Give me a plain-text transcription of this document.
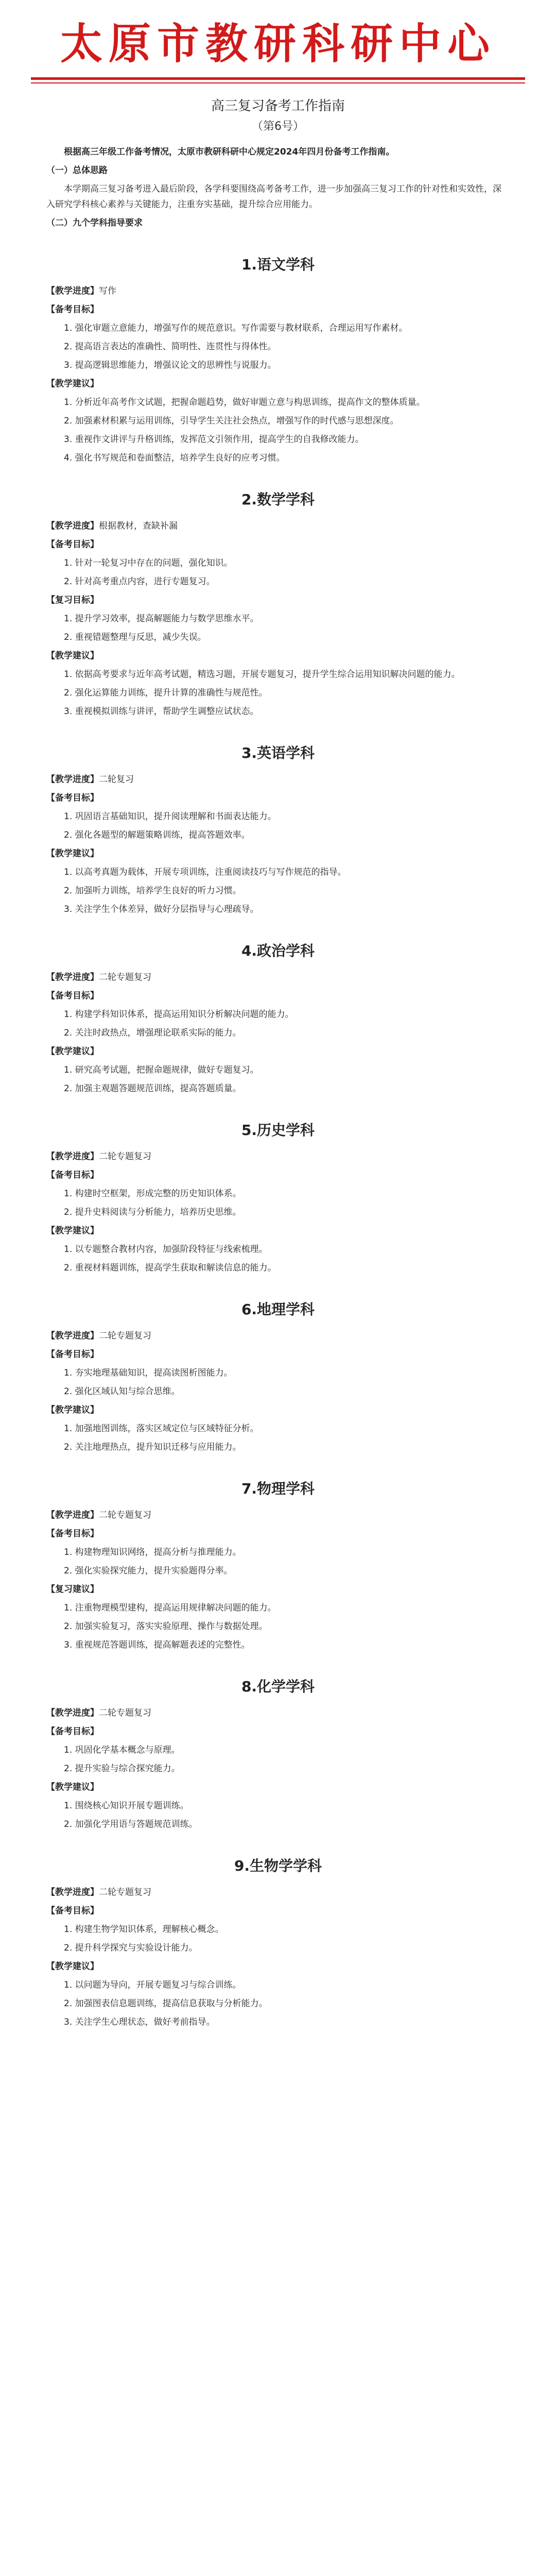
太原市教研科研中心
高三复习备考工作指南
（第6号）

根据高三年级工作备考情况，太原市教研科研中心规定2024年四月份备考工作指南。

（一）总体思路

本学期高三复习备考进入最后阶段，各学科要围绕高考备考工作，进一步加强高三复习工作的针对性和实效性，深入研究学科核心素养与关键能力，注重夯实基础，提升综合应用能力。

（二）九个学科指导要求

1.语文学科

【教学进度】写作

【备考目标】

1. 强化审题立意能力，增强写作的规范意识。写作需要与教材联系，合理运用写作素材。

2. 提高语言表达的准确性、简明性、连贯性与得体性。

3. 提高逻辑思维能力，增强议论文的思辨性与说服力。

【教学建议】

1. 分析近年高考作文试题，把握命题趋势，做好审题立意与构思训练，提高作文的整体质量。

2. 加强素材积累与运用训练，引导学生关注社会热点，增强写作的时代感与思想深度。

3. 重视作文讲评与升格训练，发挥范文引领作用，提高学生的自我修改能力。

4. 强化书写规范和卷面整洁，培养学生良好的应考习惯。

2.数学学科

【教学进度】根据教材，查缺补漏

【备考目标】

1. 针对一轮复习中存在的问题，强化知识。

2. 针对高考重点内容，进行专题复习。

【复习目标】

1. 提升学习效率，提高解题能力与数学思维水平。

2. 重视错题整理与反思，减少失误。

【教学建议】

1. 依据高考要求与近年高考试题，精选习题，开展专题复习，提升学生综合运用知识解决问题的能力。

2. 强化运算能力训练，提升计算的准确性与规范性。

3. 重视模拟训练与讲评，帮助学生调整应试状态。

3.英语学科

【教学进度】二轮复习

【备考目标】

1. 巩固语言基础知识，提升阅读理解和书面表达能力。

2. 强化各题型的解题策略训练，提高答题效率。

【教学建议】

1. 以高考真题为载体，开展专项训练，注重阅读技巧与写作规范的指导。

2. 加强听力训练，培养学生良好的听力习惯。

3. 关注学生个体差异，做好分层指导与心理疏导。

4.政治学科

【教学进度】二轮专题复习

【备考目标】

1. 构建学科知识体系，提高运用知识分析解决问题的能力。

2. 关注时政热点，增强理论联系实际的能力。

【教学建议】

1. 研究高考试题，把握命题规律，做好专题复习。

2. 加强主观题答题规范训练，提高答题质量。

5.历史学科

【教学进度】二轮专题复习

【备考目标】

1. 构建时空框架，形成完整的历史知识体系。

2. 提升史料阅读与分析能力，培养历史思维。

【教学建议】

1. 以专题整合教材内容，加强阶段特征与线索梳理。

2. 重视材料题训练，提高学生获取和解读信息的能力。

6.地理学科

【教学进度】二轮专题复习

【备考目标】

1. 夯实地理基础知识，提高读图析图能力。

2. 强化区域认知与综合思维。

【教学建议】

1. 加强地图训练，落实区域定位与区域特征分析。

2. 关注地理热点，提升知识迁移与应用能力。

7.物理学科

【教学进度】二轮专题复习

【备考目标】

1. 构建物理知识网络，提高分析与推理能力。

2. 强化实验探究能力，提升实验题得分率。

【复习建议】

1. 注重物理模型建构，提高运用规律解决问题的能力。

2. 加强实验复习，落实实验原理、操作与数据处理。

3. 重视规范答题训练，提高解题表述的完整性。

8.化学学科

【教学进度】二轮专题复习

【备考目标】

1. 巩固化学基本概念与原理。

2. 提升实验与综合探究能力。

【教学建议】

1. 围绕核心知识开展专题训练。

2. 加强化学用语与答题规范训练。

9.生物学学科

【教学进度】二轮专题复习

【备考目标】

1. 构建生物学知识体系，理解核心概念。

2. 提升科学探究与实验设计能力。

【教学建议】

1. 以问题为导向，开展专题复习与综合训练。

2. 加强图表信息题训练，提高信息获取与分析能力。

3. 关注学生心理状态，做好考前指导。
